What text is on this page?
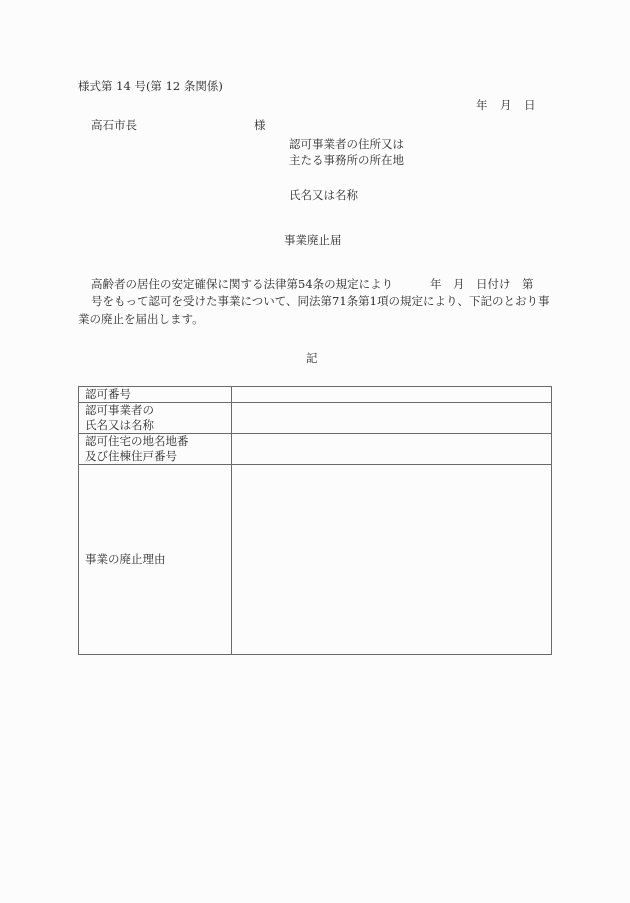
様式第 14 号(第 12 条関係)
年 月 日
高石市長	様
認可事業者の住所又は
主たる事務所の所在地
氏名又は名称
事業廃止届
高齢者の居住の安定確保に関する法律第54条の規定により	年　月　日付け　第
号をもって認可を受けた事業について、同法第71条第1項の規定により、下記のとおり事
業の廃止を届出します。
記
認可番号	

認可事業者の
氏名又は名称	

認可住宅の地名地番
及び住棟住戸番号	

事業の廃止理由	
